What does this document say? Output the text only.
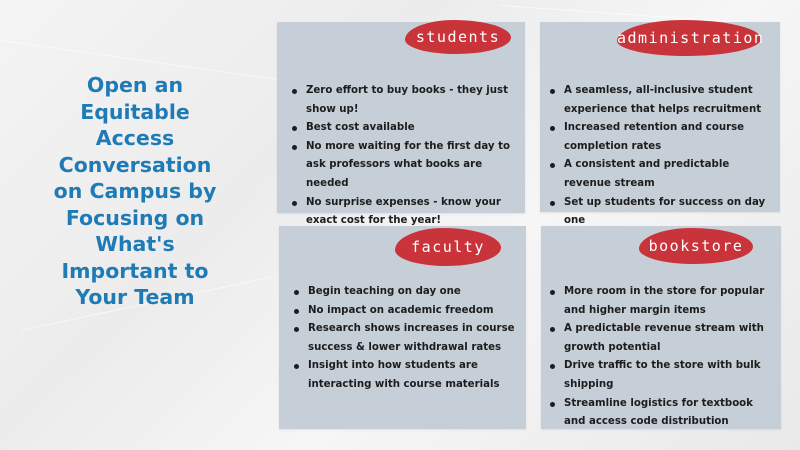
Open an Equitable Access Conversation on Campus by Focusing on What's Important to Your Team
students
Zero effort to buy books - they just show up!
Best cost available
No more waiting for the first day to ask professors what books are needed
No surprise expenses - know your exact cost for the year!
administration
A seamless, all-inclusive student experience that helps recruitment
Increased retention and course completion rates
A consistent and predictable revenue stream
Set up students for success on day one
faculty
Begin teaching on day one
No impact on academic freedom
Research shows increases in course success & lower withdrawal rates
Insight into how students are interacting with course materials
bookstore
More room in the store for popular and higher margin items
A predictable revenue stream with growth potential
Drive traffic to the store with bulk shipping
Streamline logistics for textbook and access code distribution
